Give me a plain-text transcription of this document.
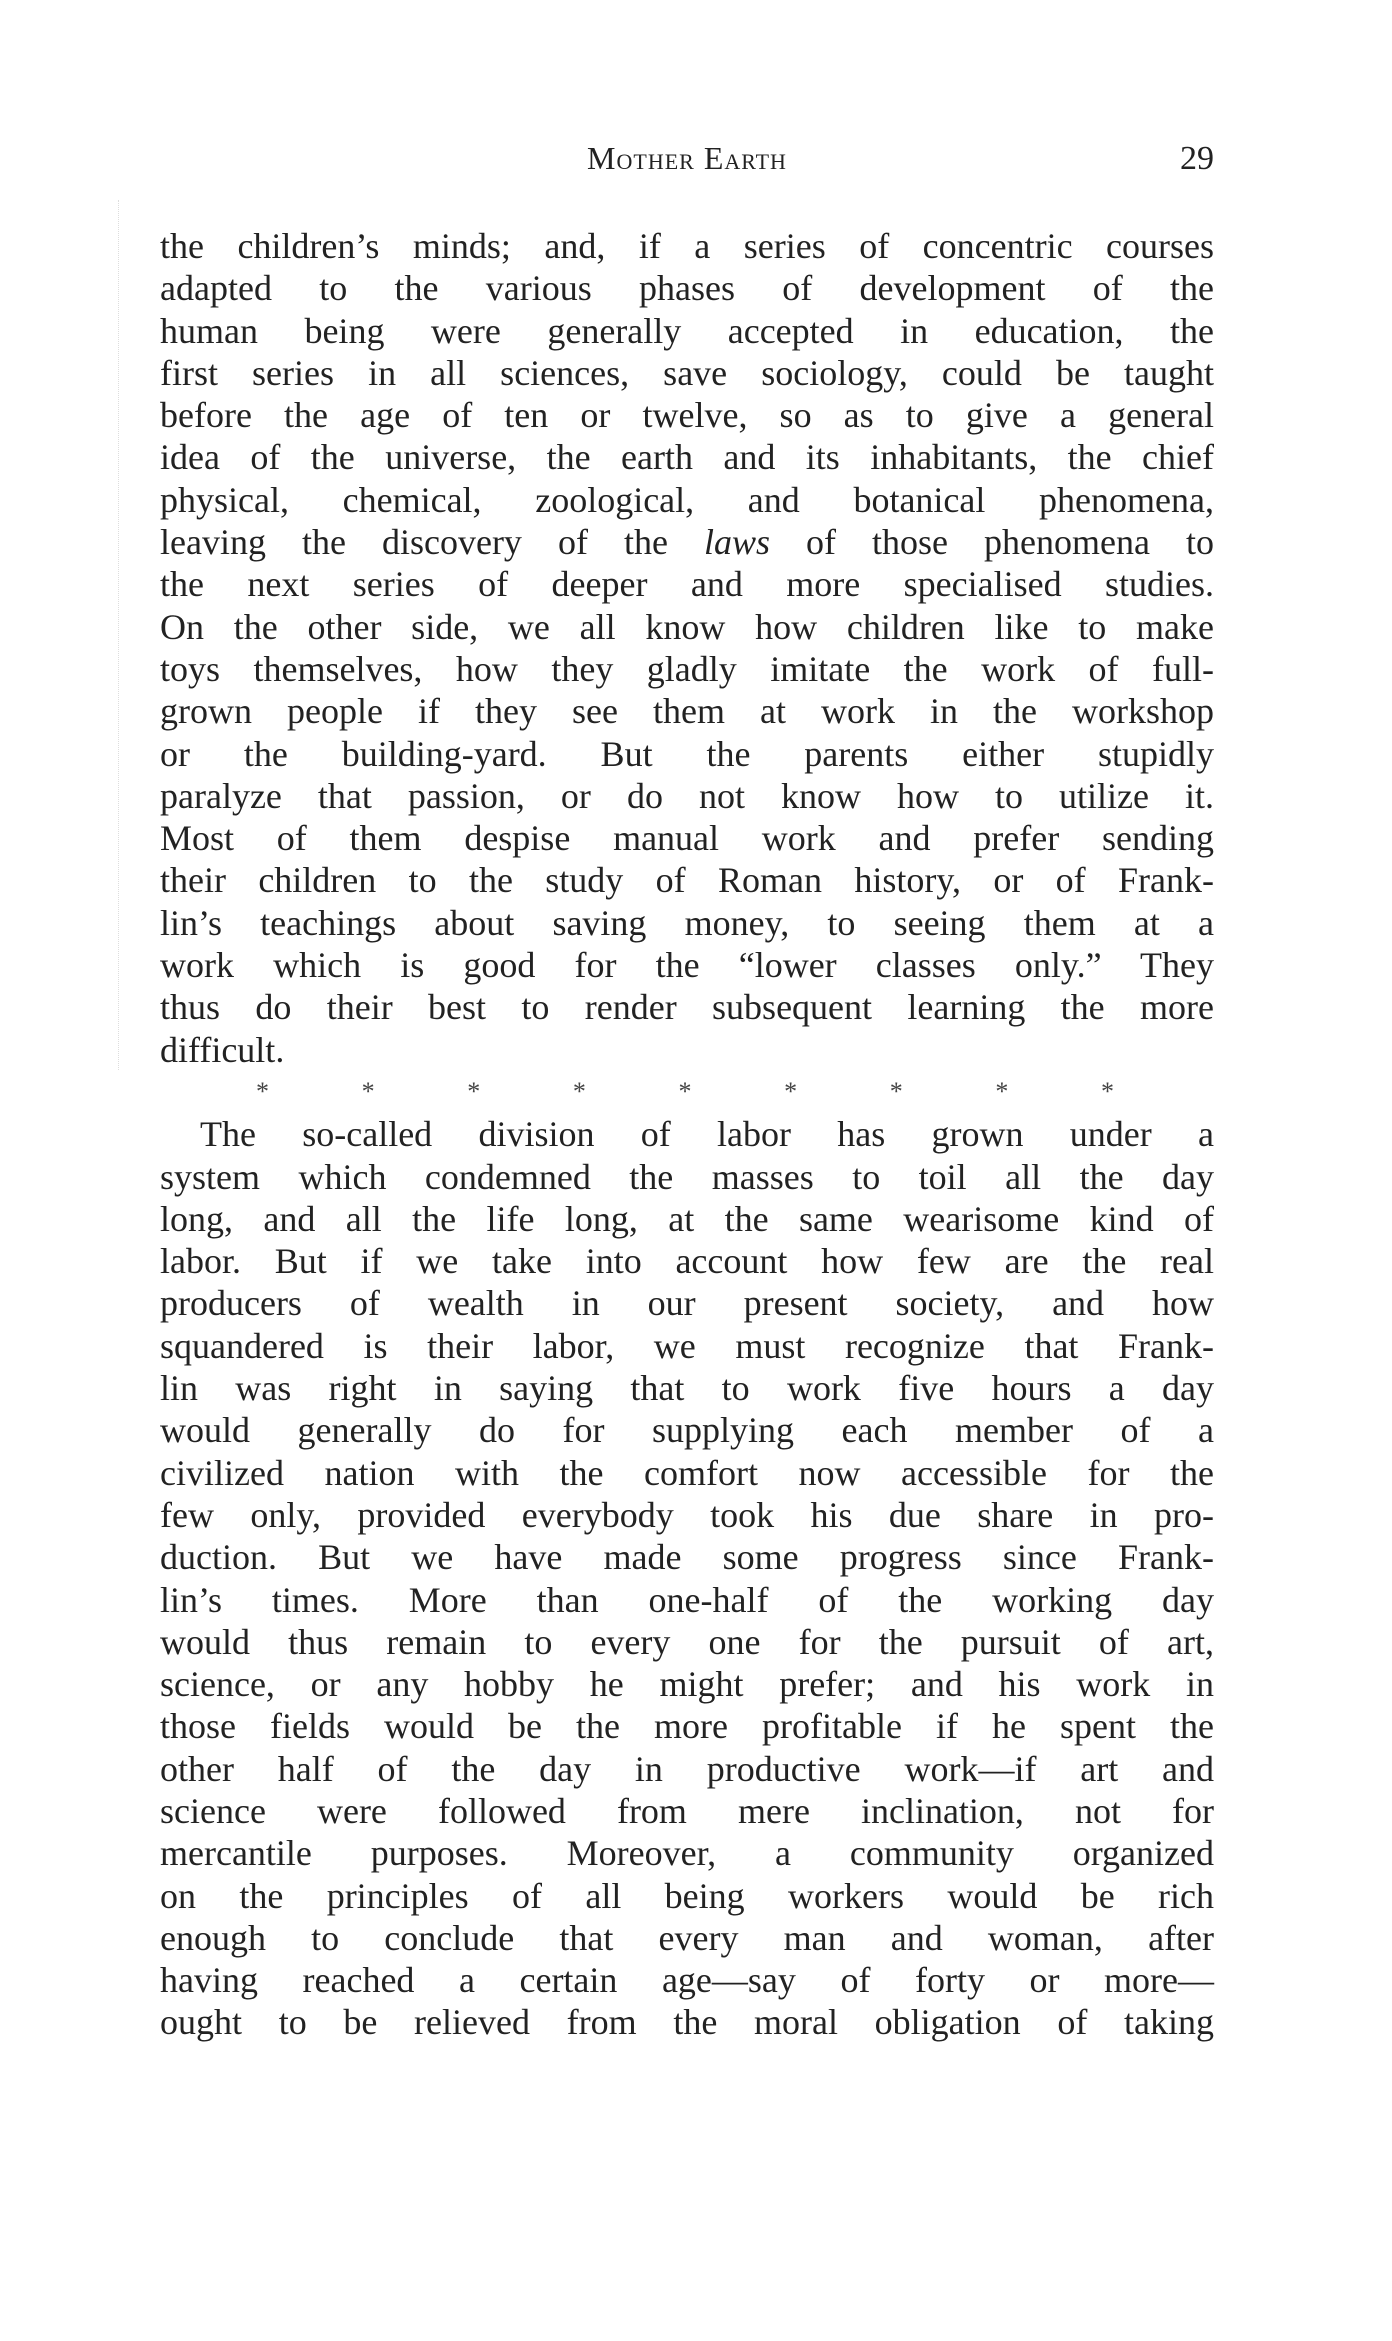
Mother Earth	29
the children’s minds; and, if a series of concentric courses
adapted to the various phases of development of the
human being were generally accepted in education, the
first series in all sciences, save sociology, could be taught
before the age of ten or twelve, so as to give a general
idea of the universe, the earth and its inhabitants, the chief
physical, chemical, zoological, and botanical phenomena,
leaving the discovery of the laws of those phenomena to
the next series of deeper and more specialised studies.
On the other side, we all know how children like to make
toys themselves, how they gladly imitate the work of full-
grown people if they see them at work in the workshop
or the building-yard. But the parents either stupidly
paralyze that passion, or do not know how to utilize it.
Most of them despise manual work and prefer sending
their children to the study of Roman history, or of Frank-
lin’s teachings about saving money, to seeing them at a
work which is good for the “lower classes only.” They
thus do their best to render subsequent learning the more
difficult.
*	*	*	*	*	*	*	*	*
The so-called division of labor has grown under a
system which condemned the masses to toil all the day
long, and all the life long, at the same wearisome kind of
labor. But if we take into account how few are the real
producers of wealth in our present society, and how
squandered is their labor, we must recognize that Frank-
lin was right in saying that to work five hours a day
would generally do for supplying each member of a
civilized nation with the comfort now accessible for the
few only, provided everybody took his due share in pro-
duction. But we have made some progress since Frank-
lin’s times. More than one-half of the working day
would thus remain to every one for the pursuit of art,
science, or any hobby he might prefer; and his work in
those fields would be the more profitable if he spent the
other half of the day in productive work—if art and
science were followed from mere inclination, not for
mercantile purposes. Moreover, a community organized
on the principles of all being workers would be rich
enough to conclude that every man and woman, after
having reached a certain age—say of forty or more—
ought to be relieved from the moral obligation of taking
